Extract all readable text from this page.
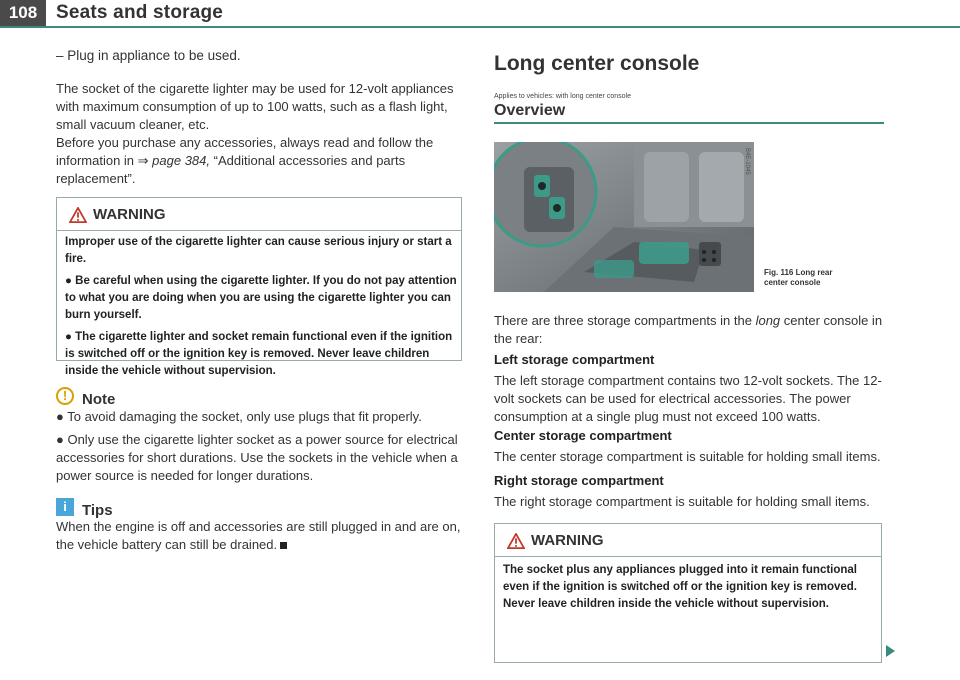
108 Seats and storage

– Plug in appliance to be used.

The socket of the cigarette lighter may be used for 12-volt appliances with maximum consumption of up to 100 watts, such as a flash light, small vacuum cleaner, etc.

Before you purchase any accessories, always read and follow the information in ⇒ page 384, “Additional accessories and parts replacement”.

WARNING

Improper use of the cigarette lighter can cause serious injury or start a fire.

● Be careful when using the cigarette lighter. If you do not pay attention to what you are doing when you are using the cigarette lighter you can burn yourself.

● The cigarette lighter and socket remain functional even if the ignition is switched off or the ignition key is removed. Never leave children inside the vehicle without supervision.

! Note

● To avoid damaging the socket, only use plugs that fit properly.

● Only use the cigarette lighter socket as a power source for electrical accessories for short durations. Use the sockets in the vehicle when a power source is needed for longer durations.

i	Tips

When the engine is off and accessories are still plugged in and are on, the vehicle battery can still be drained.

Long center console
Applies to vehicles: with long center console
Overview
B4E-1045
Fig. 116 Long rear
center console

There are three storage compartments in the long center console in the rear:

Left storage compartment

The left storage compartment contains two 12-volt sockets. The 12-volt sockets can be used for electrical accessories. The power consumption at a single plug must not exceed 100 watts.

Center storage compartment

The center storage compartment is suitable for holding small items.

Right storage compartment

The right storage compartment is suitable for holding small items.

WARNING

The socket plus any appliances plugged into it remain functional even if the ignition is switched off or the ignition key is removed. Never leave children inside the vehicle without supervision.
